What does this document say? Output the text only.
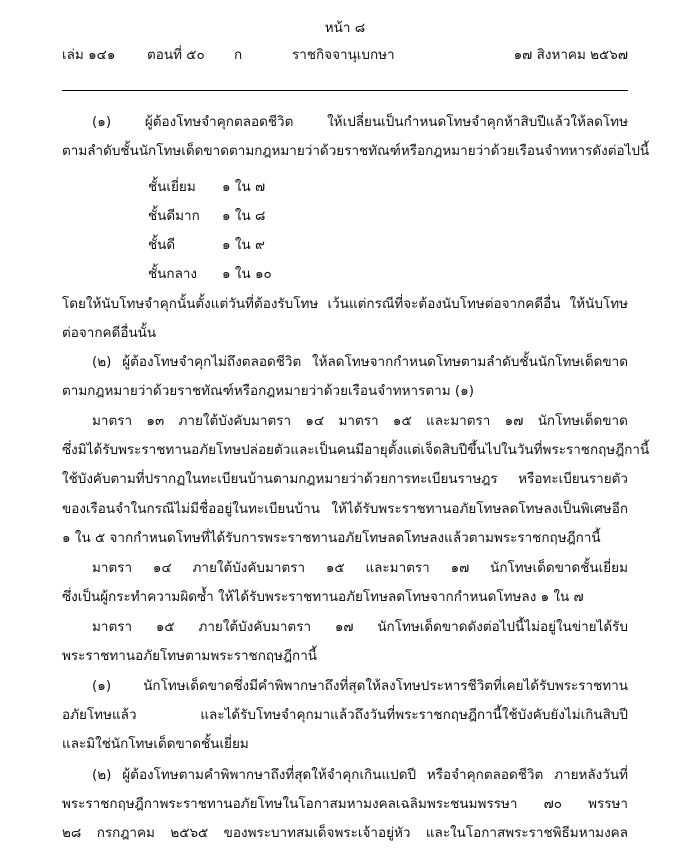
หน้า ๘
เล่ม ๑๔๑ ตอนที่ ๕๐ ก	ราชกิจจานุเบกษา	๑๗ สิงหาคม ๒๕๖๗
(๑) ผู้ต้องโทษจำคุกตลอดชีวิต ให้เปลี่ยนเป็นกำหนดโทษจำคุกห้าสิบปีแล้วให้ลดโทษ
ตามลำดับชั้นนักโทษเด็ดขาดตามกฎหมายว่าด้วยราชทัณฑ์หรือกฎหมายว่าด้วยเรือนจำทหาร ดังต่อไปนี้
ชั้นเยี่ยม ๑ ใน ๗
ชั้นดีมาก ๑ ใน ๘
ชั้นดี	๑ ใน ๙
ชั้นกลาง ๑ ใน ๑๐
โดยให้นับโทษจำคุกนั้นตั้งแต่วันที่ต้องรับโทษ เว้นแต่กรณีที่จะต้องนับโทษต่อจากคดีอื่น ให้นับโทษ
ต่อจากคดีอื่นนั้น
(๒) ผู้ต้องโทษจำคุกไม่ถึงตลอดชีวิต ให้ลดโทษจากกำหนดโทษตามลำดับชั้นนักโทษเด็ดขาด
ตามกฎหมายว่าด้วยราชทัณฑ์หรือกฎหมายว่าด้วยเรือนจำทหารตาม (๑)
มาตรา ๑๓ ภายใต้บังคับมาตรา ๑๔ มาตรา ๑๕ และมาตรา ๑๗ นักโทษเด็ดขาด
ซึ่งมิได้รับพระราชทานอภัยโทษปล่อยตัว และเป็นคนมีอายุตั้งแต่เจ็ดสิบปีขึ้นไปในวันที่พระราชกฤษฎีกานี้
ใช้บังคับตามที่ปรากฏในทะเบียนบ้านตามกฎหมายว่าด้วยการทะเบียนราษฎร หรือทะเบียนรายตัว
ของเรือนจำในกรณีไม่มีชื่ออยู่ในทะเบียนบ้าน ให้ได้รับพระราชทานอภัยโทษลดโทษลงเป็นพิเศษอีก
๑ ใน ๕ จากกำหนดโทษที่ได้รับการพระราชทานอภัยโทษลดโทษลงแล้วตามพระราชกฤษฎีกานี้
มาตรา ๑๔ ภายใต้บังคับมาตรา ๑๕ และมาตรา ๑๗ นักโทษเด็ดขาดชั้นเยี่ยม
ซึ่งเป็นผู้กระทำความผิดซ้ำ ให้ได้รับพระราชทานอภัยโทษลดโทษจากกำหนดโทษลง ๑ ใน ๗
มาตรา ๑๕ ภายใต้บังคับมาตรา ๑๗ นักโทษเด็ดขาดดังต่อไปนี้ไม่อยู่ในข่ายได้รับ
พระราชทานอภัยโทษตามพระราชกฤษฎีกานี้
(๑) นักโทษเด็ดขาดซึ่งมีคำพิพากษาถึงที่สุดให้ลงโทษประหารชีวิตที่เคยได้รับพระราชทาน
อภัยโทษแล้ว	และได้รับโทษจำคุกมาแล้วถึงวันที่พระราชกฤษฎีกานี้ใช้บังคับยังไม่เกินสิบปี
และมิใช่นักโทษเด็ดขาดชั้นเยี่ยม
(๒) ผู้ต้องโทษตามคำพิพากษาถึงที่สุดให้จำคุกเกินแปดปี หรือจำคุกตลอดชีวิต ภายหลังวันที่
พระราชกฤษฎีกาพระราชทานอภัยโทษในโอกาสมหามงคลเฉลิมพระชนมพรรษา ๗๐ พรรษา
๒๘ กรกฎาคม ๒๕๖๕ ของพระบาทสมเด็จพระเจ้าอยู่หัว และในโอกาสพระราชพิธีมหามงคล
